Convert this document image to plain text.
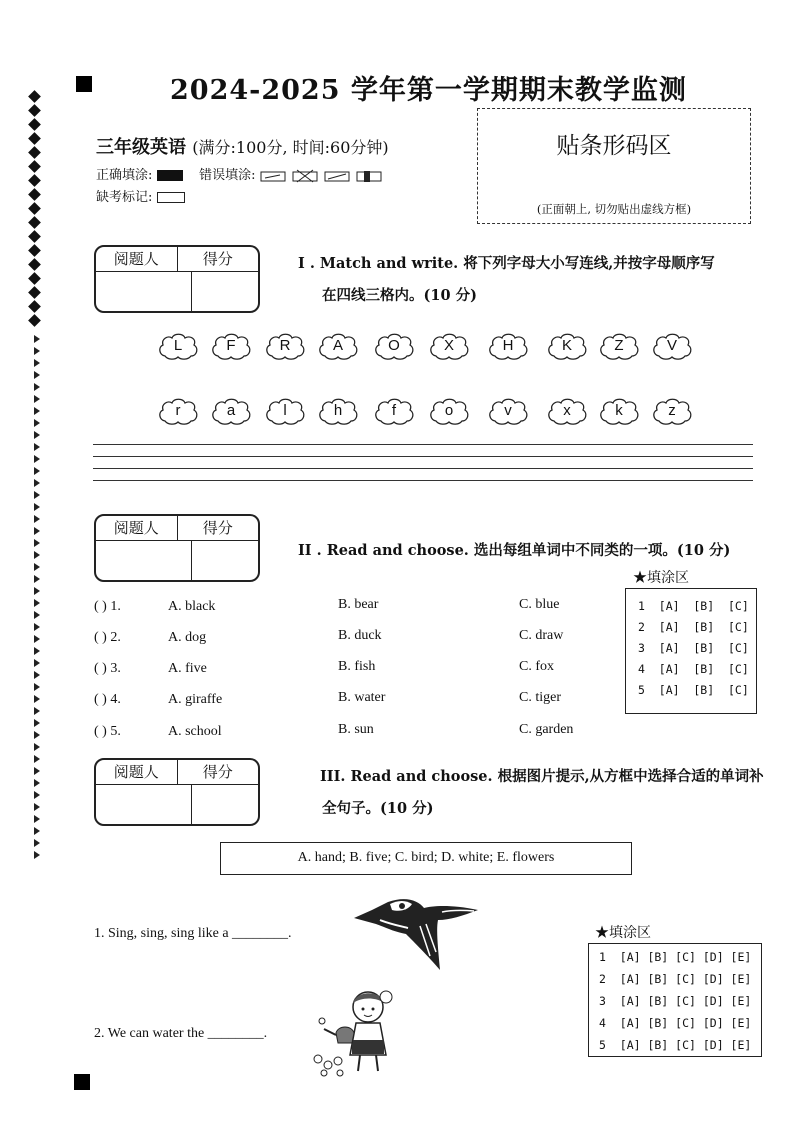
2024-2025 学年第一学期期末教学监测
三年级英语 (满分:100分, 时间:60分钟)
正确填涂:	错误填涂:
缺考标记:
贴条形码区
(正面朝上, 切勿贴出虚线方框)
阅题人	得分	I . Match and write. 将下列字母大小写连线,并按字母顺序写
在四线三格内。(10 分)
L	F	R	A	O	X	H	K	Z	V
r	a	l	h	f	o	v	x	k	z
阅题人	得分
II . Read and choose. 选出每组单词中不同类的一项。(10 分)
★填涂区
( ) 1.	A. black	B. bear	C. blue
( ) 2.	A. dog	B. duck	C. draw
( ) 3.	A. five	B. fish	C. fox
( ) 4.	A. giraffe	B. water	C. tiger
( ) 5.	A. school	B. sun	C. garden
1  [A]  [B]  [C]
2  [A]  [B]  [C]
3  [A]  [B]  [C]
4  [A]  [B]  [C]
5  [A]  [B]  [C]
阅题人	得分	III. Read and choose. 根据图片提示,从方框中选择合适的单词补
全句子。(10 分)
A. hand; B. five; C. bird; D. white; E. flowers
1. Sing, sing, sing like a ________.
2. We can water the ________.
★填涂区
1  [A] [B] [C] [D] [E]
2  [A] [B] [C] [D] [E]
3  [A] [B] [C] [D] [E]
4  [A] [B] [C] [D] [E]
5  [A] [B] [C] [D] [E]
